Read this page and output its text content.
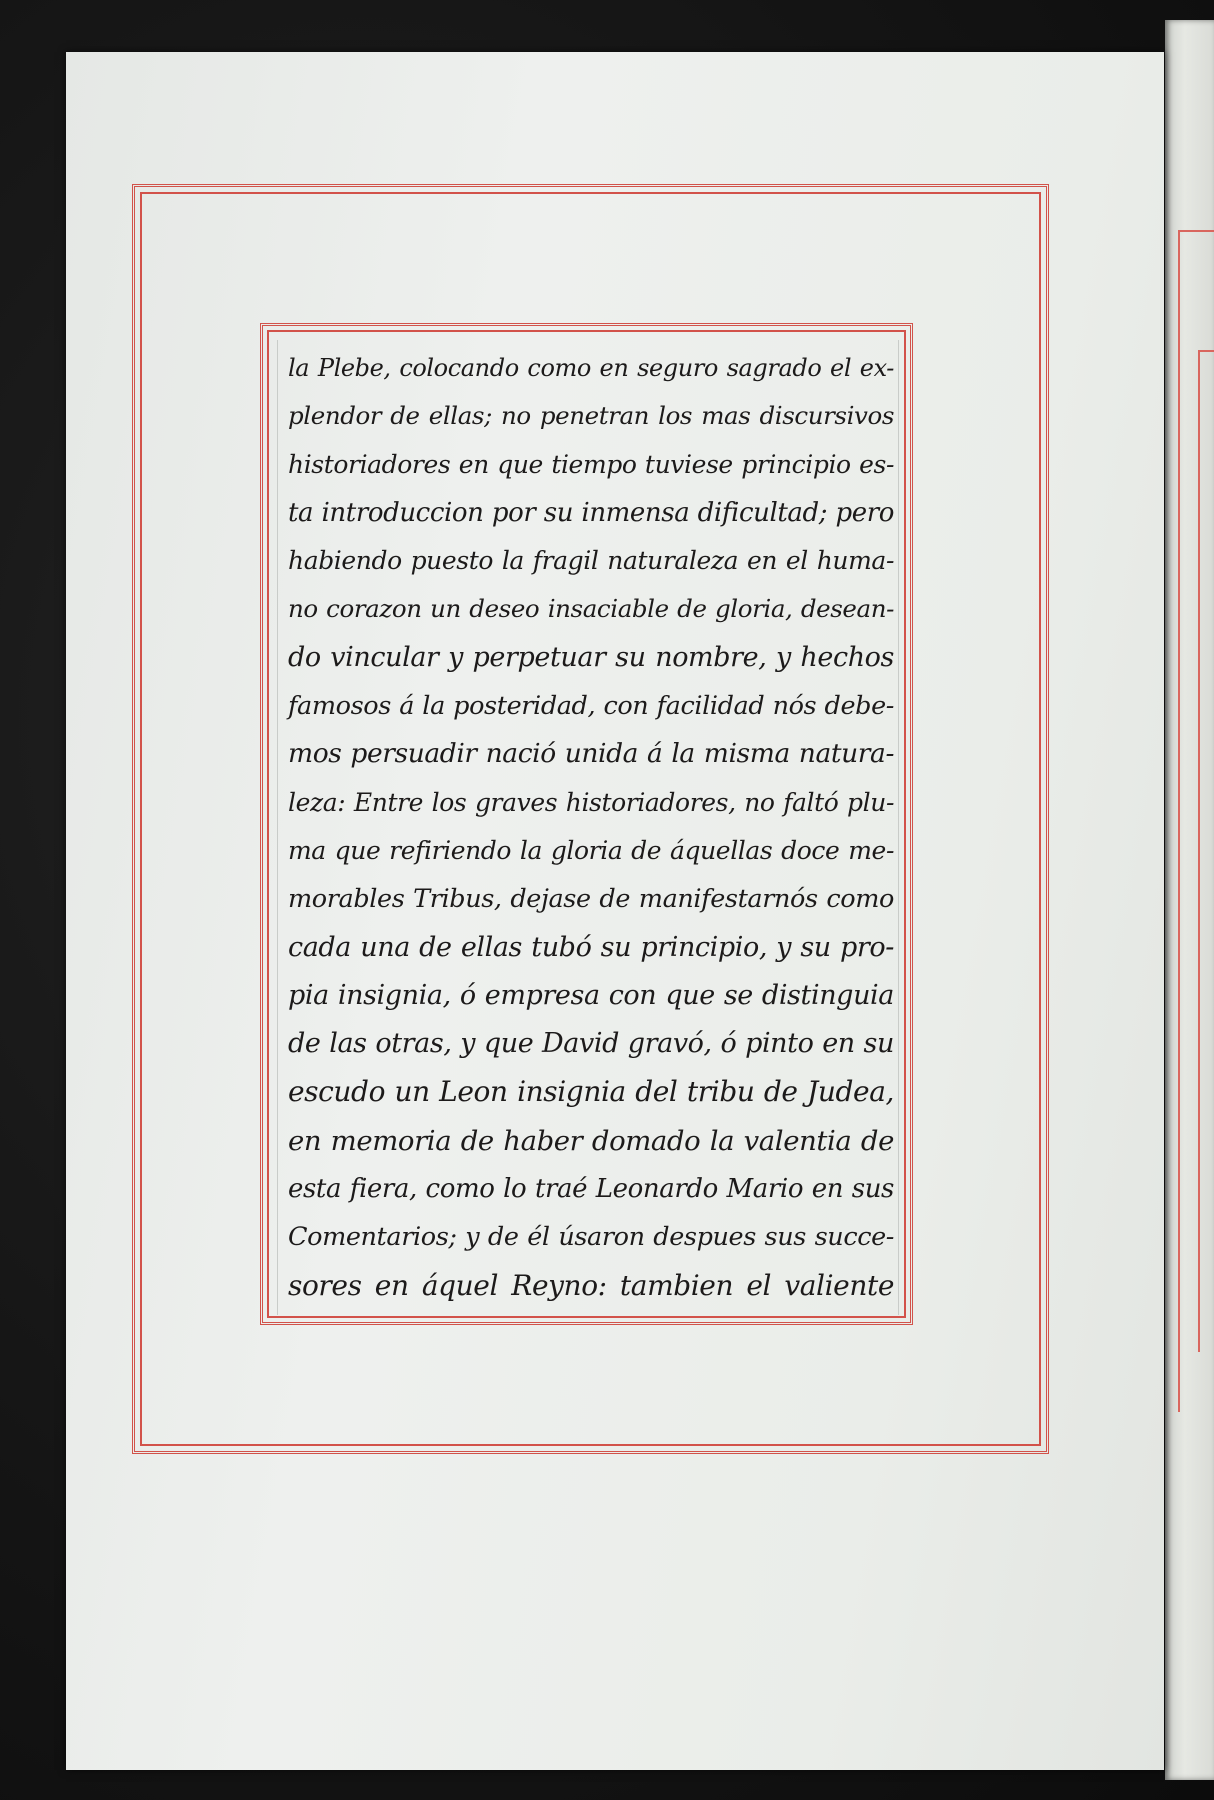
la Plebe, colocando como en seguro sagrado el ex-
plendor de ellas; no penetran los mas discursivos
historiadores en que tiempo tuviese principio es-
ta introduccion por su inmensa dificultad; pero
habiendo puesto la fragil naturaleza en el huma-
no corazon un deseo insaciable de gloria, desean-
do vincular y perpetuar su nombre, y hechos
famosos á la posteridad, con facilidad nós debe-
mos persuadir nació unida á la misma natura-
leza: Entre los graves historiadores, no faltó plu-
ma que refiriendo la gloria de áquellas doce me-
morables Tribus, dejase de manifestarnós como
cada una de ellas tubó su principio, y su pro-
pia insignia, ó empresa con que se distinguia
de las otras, y que David gravó, ó pinto en su
escudo un Leon insignia del tribu de Judea,
en memoria de haber domado la valentia de
esta fiera, como lo traé Leonardo Mario en sus
Comentarios; y de él úsaron despues sus succe-
sores en áquel Reyno: tambien el valiente
